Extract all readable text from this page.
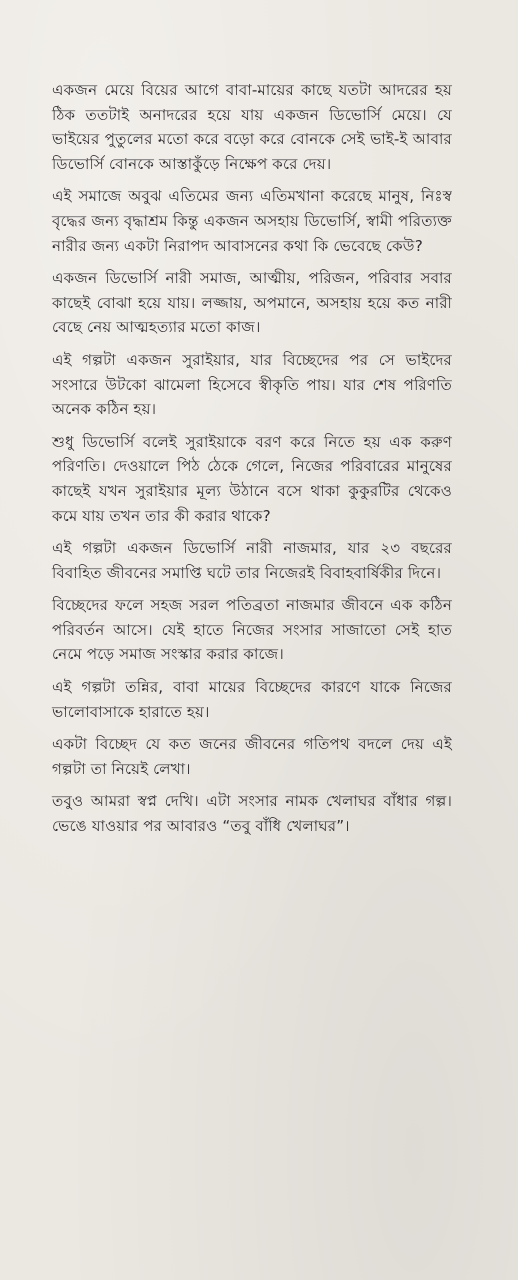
একজন মেয়ে বিয়ের আগে বাবা-মায়ের কাছে যতটা আদরের হয় ঠিক ততটাই অনাদরের হয়ে যায় একজন ডিভোর্সি মেয়ে। যে ভাইয়ের পুতুলের মতো করে বড়ো করে বোনকে সেই ভাই-ই আবার ডিভোর্সি বোনকে আস্তাকুঁড়ে নিক্ষেপ করে দেয়।

এই সমাজে অবুঝ এতিমের জন্য এতিমখানা করেছে মানুষ, নিঃস্ব বৃদ্ধের জন্য বৃদ্ধাশ্রম কিন্তু একজন অসহায় ডিভোর্সি, স্বামী পরিত্যক্ত নারীর জন্য একটা নিরাপদ আবাসনের কথা কি ভেবেছে কেউ?

একজন ডিভোর্সি নারী সমাজ, আত্মীয়, পরিজন, পরিবার সবার কাছেই বোঝা হয়ে যায়। লজ্জায়, অপমানে, অসহায় হয়ে কত নারী বেছে নেয় আত্মহত্যার মতো কাজ।

এই গল্পটা একজন সুরাইয়ার, যার বিচ্ছেদের পর সে ভাইদের সংসারে উটকো ঝামেলা হিসেবে স্বীকৃতি পায়। যার শেষ পরিণতি অনেক কঠিন হয়।

শুধু ডিভোর্সি বলেই সুরাইয়াকে বরণ করে নিতে হয় এক করুণ পরিণতি। দেওয়ালে পিঠ ঠেকে গেলে, নিজের পরিবারের মানুষের কাছেই যখন সুরাইয়ার মূল্য উঠানে বসে থাকা কুকুরটির থেকেও কমে যায় তখন তার কী করার থাকে?

এই গল্পটা একজন ডিভোর্সি নারী নাজমার, যার ২৩ বছরের বিবাহিত জীবনের সমাপ্তি ঘটে তার নিজেরই বিবাহবার্ষিকীর দিনে।

বিচ্ছেদের ফলে সহজ সরল পতিব্রতা নাজমার জীবনে এক কঠিন পরিবর্তন আসে। যেই হাতে নিজের সংসার সাজাতো সেই হাত নেমে পড়ে সমাজ সংস্কার করার কাজে।

এই গল্পটা তন্নির, বাবা মায়ের বিচ্ছেদের কারণে যাকে নিজের ভালোবাসাকে হারাতে হয়।

একটা বিচ্ছেদ যে কত জনের জীবনের গতিপথ বদলে দেয় এই গল্পটা তা নিয়েই লেখা।

তবুও আমরা স্বপ্ন দেখি। এটা সংসার নামক খেলাঘর বাঁধার গল্প। ভেঙে যাওয়ার পর আবারও “তবু বাঁধি খেলাঘর”।
